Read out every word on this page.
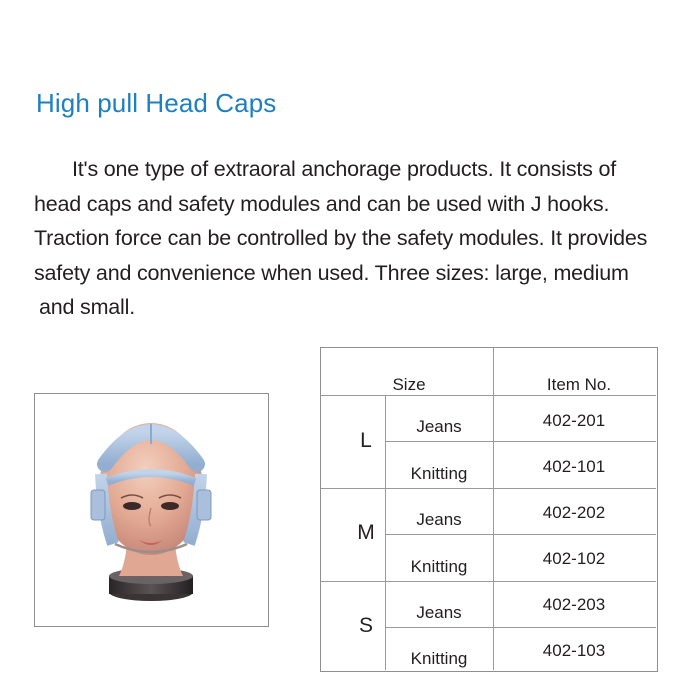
High pull Head Caps
It's one type of extraoral anchorage products. It consists of
head caps and safety modules and can be used with J hooks.
Traction force can be controlled by the safety modules. It provides
safety and convenience when used. Three sizes: large, medium
and small.
Size	Item No.
L
Jeans
Knitting
402-201
402-101
M
Jeans
Knitting
402-202
402-102
S
Jeans
Knitting
402-203
402-103
